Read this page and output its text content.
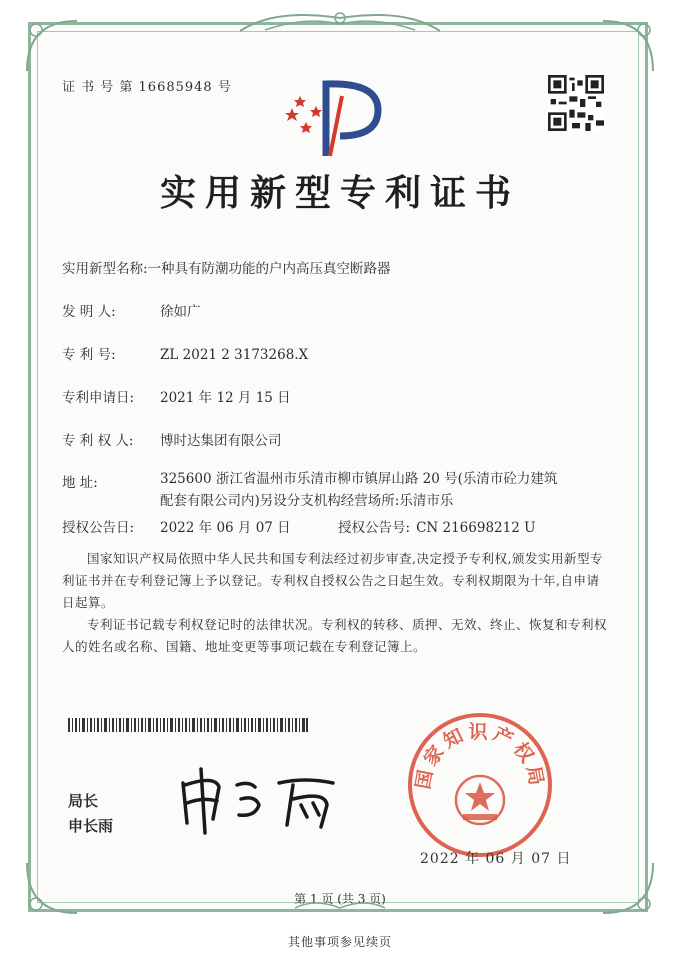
证 书 号 第 16685948 号
实用新型专利证书
实用新型名称:一种具有防潮功能的户内高压真空断路器
发 明 人:	徐如广
专 利 号:	ZL 2021 2 3173268.X
专利申请日: 2021 年 12 月 15 日
专 利 权 人: 博时达集团有限公司
地 址:	325600 浙江省温州市乐清市柳市镇屏山路 20 号(乐清市砼力建筑配套有限公司内)另设分支机构经营场所:乐清市乐
授权公告日: 2022 年 06 月 07 日	授权公告号: CN 216698212 U
国家知识产权局依照中华人民共和国专利法经过初步审查,决定授予专利权,颁发实用新型专利证书并在专利登记簿上予以登记。专利权自授权公告之日起生效。专利权期限为十年,自申请日起算。
专利证书记载专利权登记时的法律状况。专利权的转移、质押、无效、终止、恢复和专利权人的姓名或名称、国籍、地址变更等事项记载在专利登记簿上。
局长
申长雨
国家知识产权局
2022 年 06 月 07 日
第 1 页 (共 3 页)
其他事项参见续页
